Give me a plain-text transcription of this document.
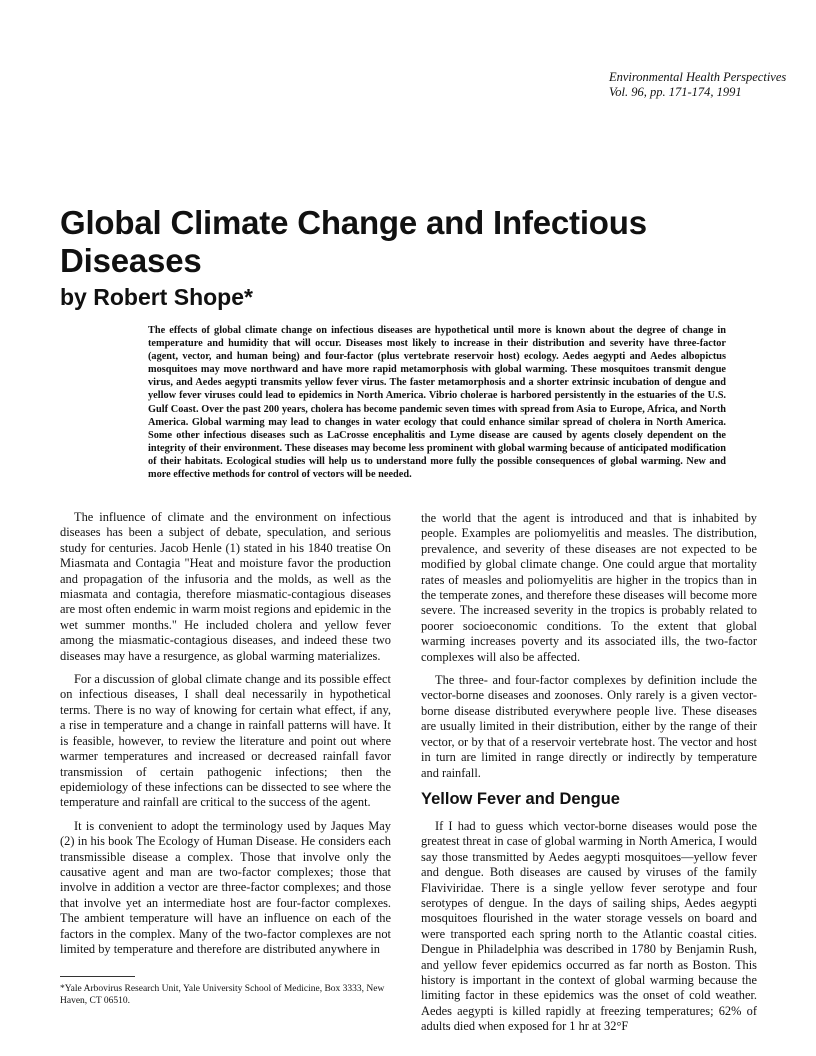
Environmental Health Perspectives
Vol. 96, pp. 171-174, 1991
Global Climate Change and Infectious Diseases
by Robert Shope*

The effects of global climate change on infectious diseases are hypothetical until more is known about the degree of change in temperature and humidity that will occur. Diseases most likely to increase in their distribution and severity have three-factor (agent, vector, and human being) and four-factor (plus vertebrate reservoir host) ecology. Aedes aegypti and Aedes albopictus mosquitoes may move northward and have more rapid metamorphosis with global warming. These mosquitoes transmit dengue virus, and Aedes aegypti transmits yellow fever virus. The faster metamorphosis and a shorter extrinsic incubation of dengue and yellow fever viruses could lead to epidemics in North America. Vibrio cholerae is harbored persistently in the estuaries of the U.S. Gulf Coast. Over the past 200 years, cholera has become pandemic seven times with spread from Asia to Europe, Africa, and North America. Global warming may lead to changes in water ecology that could enhance similar spread of cholera in North America. Some other infectious diseases such as LaCrosse encephalitis and Lyme disease are caused by agents closely dependent on the integrity of their environment. These diseases may become less prominent with global warming because of anticipated modification of their habitats. Ecological studies will help us to understand more fully the possible consequences of global warming. New and more effective methods for control of vectors will be needed.

The influence of climate and the environment on infectious diseases has been a subject of debate, speculation, and serious study for centuries. Jacob Henle (1) stated in his 1840 treatise On Miasmata and Contagia "Heat and moisture favor the production and propagation of the infusoria and the molds, as well as the miasmata and contagia, therefore miasmatic-contagious diseases are most often endemic in warm moist regions and epidemic in the wet summer months." He included cholera and yellow fever among the miasmatic-contagious diseases, and indeed these two diseases may have a resurgence, as global warming materializes.

For a discussion of global climate change and its possible effect on infectious diseases, I shall deal necessarily in hypothetical terms. There is no way of knowing for certain what effect, if any, a rise in temperature and a change in rainfall patterns will have. It is feasible, however, to review the literature and point out where warmer temperatures and increased or decreased rainfall favor transmission of certain pathogenic infections; then the epidemiology of these infections can be dissected to see where the temperature and rainfall are critical to the success of the agent.

It is convenient to adopt the terminology used by Jaques May (2) in his book The Ecology of Human Disease. He considers each transmissible disease a complex. Those that involve only the causative agent and man are two-factor complexes; those that involve in addition a vector are three-factor complexes; and those that involve yet an intermediate host are four-factor complexes. The ambient temperature will have an influence on each of the factors in the complex. Many of the two-factor complexes are not limited by temperature and therefore are distributed anywhere in

the world that the agent is introduced and that is inhabited by people. Examples are poliomyelitis and measles. The distribution, prevalence, and severity of these diseases are not expected to be modified by global climate change. One could argue that mortality rates of measles and poliomyelitis are higher in the tropics than in the temperate zones, and therefore these diseases will become more severe. The increased severity in the tropics is probably related to poorer socioeconomic conditions. To the extent that global warming increases poverty and its associated ills, the two-factor complexes will also be affected.

The three- and four-factor complexes by definition include the vector-borne diseases and zoonoses. Only rarely is a given vector-borne disease distributed everywhere people live. These diseases are usually limited in their distribution, either by the range of their vector, or by that of a reservoir vertebrate host. The vector and host in turn are limited in range directly or indirectly by temperature and rainfall.

Yellow Fever and Dengue

If I had to guess which vector-borne diseases would pose the greatest threat in case of global warming in North America, I would say those transmitted by Aedes aegypti mosquitoes—yellow fever and dengue. Both diseases are caused by viruses of the family Flaviviridae. There is a single yellow fever serotype and four serotypes of dengue. In the days of sailing ships, Aedes aegypti mosquitoes flourished in the water storage vessels on board and were transported each spring north to the Atlantic coastal cities. Dengue in Philadelphia was described in 1780 by Benjamin Rush, and yellow fever epidemics occurred as far north as Boston. This history is important in the context of global warming because the limiting factor in these epidemics was the onset of cold weather. Aedes aegypti is killed rapidly at freezing temperatures; 62% of adults died when exposed for 1 hr at 32°F

*Yale Arbovirus Research Unit, Yale University School of Medicine, Box 3333, New Haven, CT 06510.
